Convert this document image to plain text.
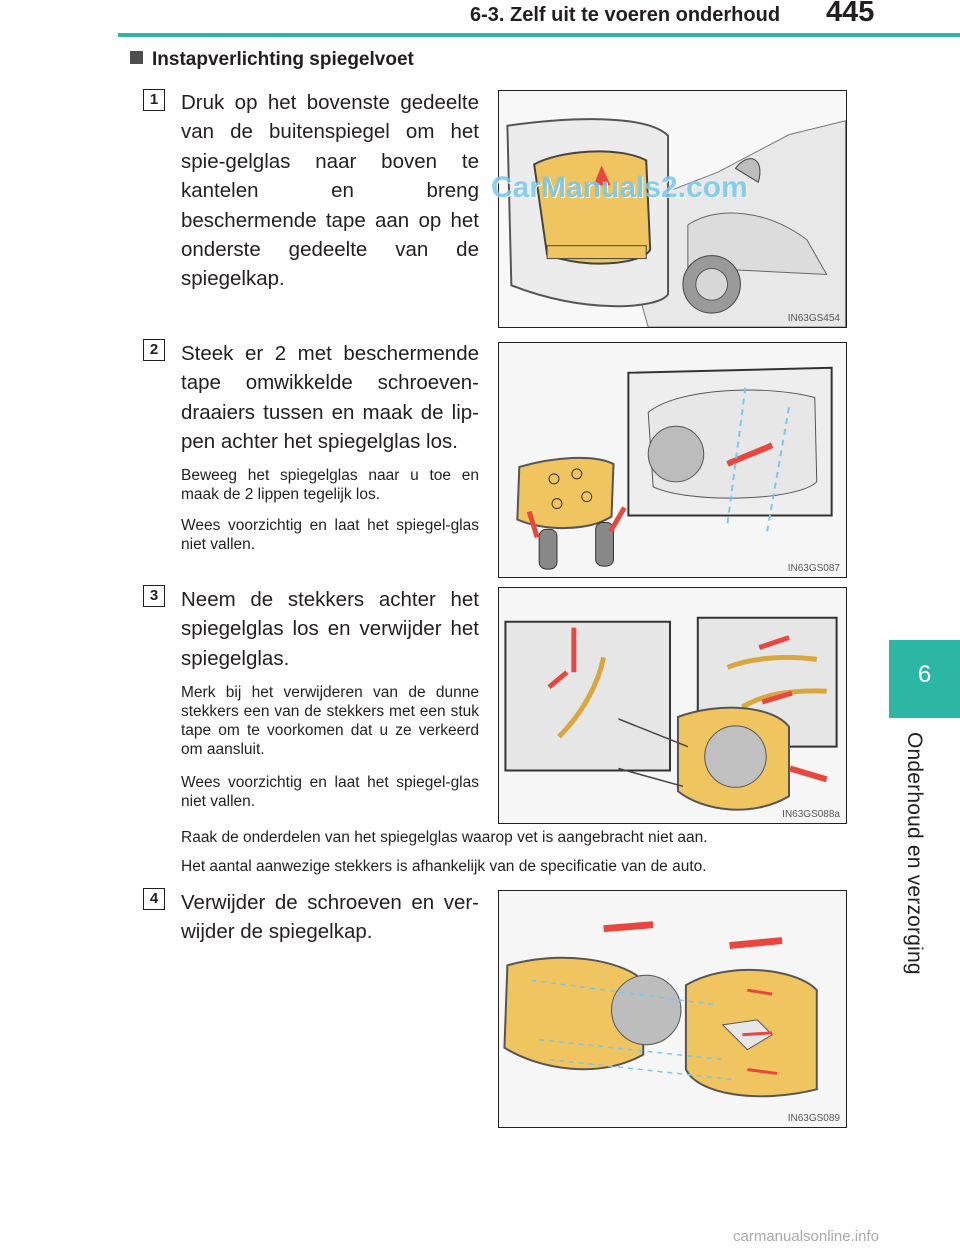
6-3. Zelf uit te voeren onderhoud 445
6
Onderhoud en verzorging
Instapverlichting spiegelvoet
1	Druk op het bovenste gedeelte van de buitenspiegel om het spie-gelglas naar boven te kantelen en breng beschermende tape aan op het onderste gedeelte van de spiegelkap.
IN63GS454
CarManuals2.com
2	Steek er 2 met beschermende tape omwikkelde schroeven-draaiers tussen en maak de lip-pen achter het spiegelglas los.
Beweeg het spiegelglas naar u toe en maak de 2 lippen tegelijk los.
Wees voorzichtig en laat het spiegel-glas niet vallen.
IN63GS087
3	Neem de stekkers achter het spiegelglas los en verwijder het spiegelglas.
Merk bij het verwijderen van de dunne stekkers een van de stekkers met een stuk tape om te voorkomen dat u ze verkeerd om aansluit.
Wees voorzichtig en laat het spiegel-glas niet vallen.
IN63GS088a
Raak de onderdelen van het spiegelglas waarop vet is aangebracht niet aan.
Het aantal aanwezige stekkers is afhankelijk van de specificatie van de auto.
4	Verwijder de schroeven en ver-wijder de spiegelkap.
IN63GS089
carmanualsonline.info
